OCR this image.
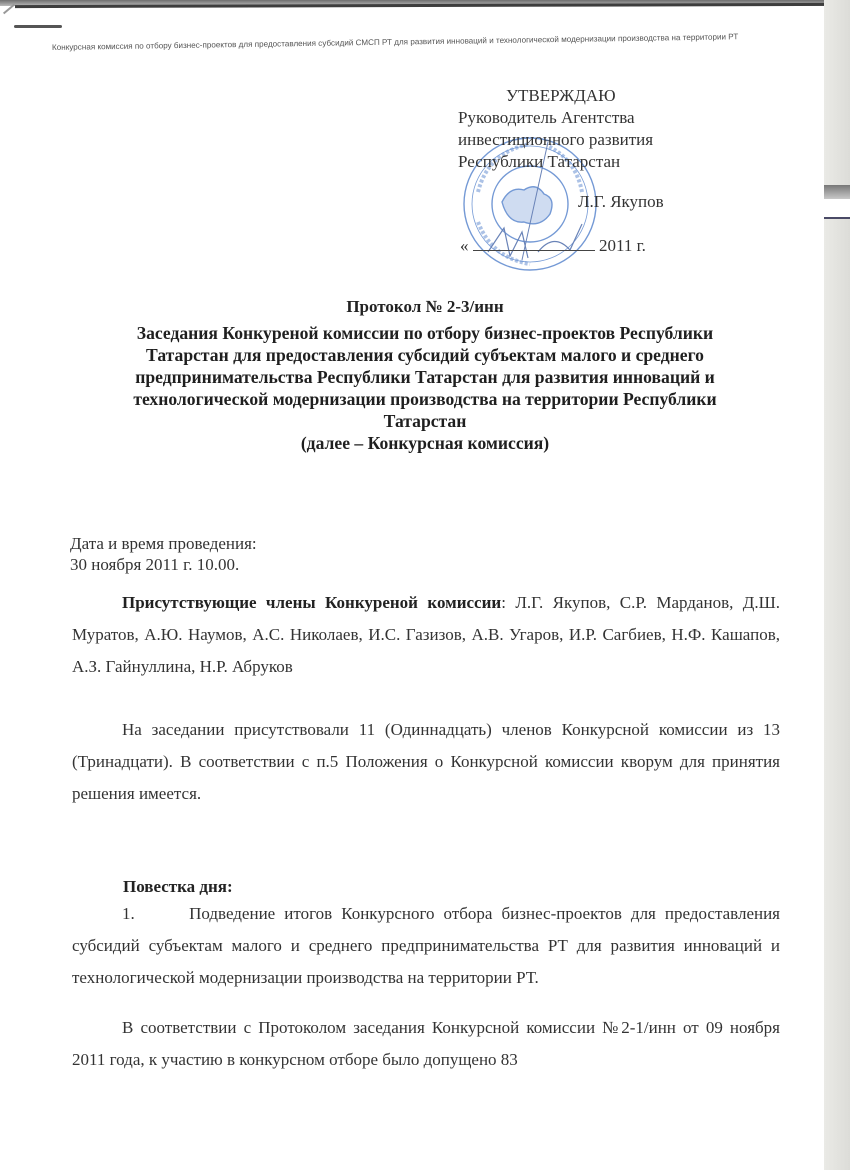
Конкурсная комиссия по отбору бизнес-проектов для предоставления субсидий СМСП РТ для развития инноваций и технологической модернизации производства на территории РТ
УТВЕРЖДАЮ
Руководитель Агентства
инвестиционного развития
Республики Татарстан
Л.Г. Якупов
«	2011 г.
Протокол № 2-3/инн
Заседания Конкуреной комиссии по отбору бизнес-проектов Республики
Татарстан для предоставления субсидий субъектам малого и среднего
предпринимательства Республики Татарстан для развития инноваций и
технологической модернизации производства на территории Республики
Татарстан
(далее – Конкурсная комиссия)
Дата и время проведения:
30 ноября 2011 г. 10.00.
Присутствующие члены Конкуреной комиссии: Л.Г. Якупов, С.Р. Марданов, Д.Ш. Муратов, А.Ю. Наумов, А.С. Николаев, И.С. Газизов, А.В. Угаров, И.Р. Сагбиев, Н.Ф. Кашапов, А.З. Гайнуллина, Н.Р. Абруков
На заседании присутствовали 11 (Одиннадцать) членов Конкурсной комиссии из 13 (Тринадцати). В соответствии с п.5 Положения о Конкурсной комиссии кворум для принятия решения имеется.
Повестка дня:
1.	Подведение итогов Конкурсного отбора бизнес-проектов для предоставления субсидий субъектам малого и среднего предпринимательства РТ для развития инноваций и технологической модернизации производства на территории РТ.
В соответствии с Протоколом заседания Конкурсной комиссии №2-1/инн от 09 ноября 2011 года, к участию в конкурсном отборе было допущено 83
